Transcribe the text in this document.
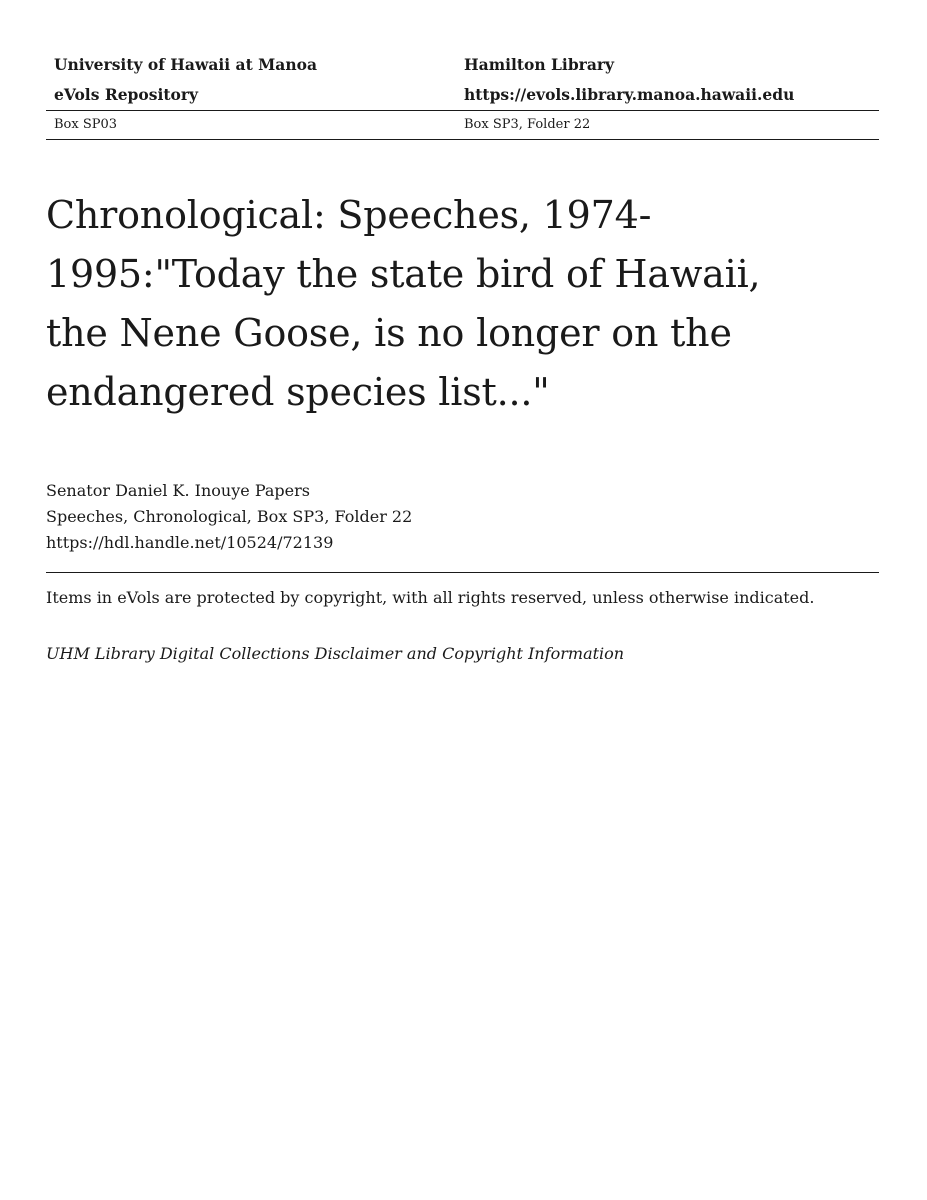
University of Hawaii at Manoa	Hamilton Library
eVols Repository	https://evols.library.manoa.hawaii.edu
Box SP03	Box SP3, Folder 22
Chronological: Speeches, 1974-1995:"Today the state bird of Hawaii, the Nene Goose, is no longer on the endangered species list..."
Senator Daniel K. Inouye Papers
Speeches, Chronological, Box SP3, Folder 22
https://hdl.handle.net/10524/72139
Items in eVols are protected by copyright, with all rights reserved, unless otherwise indicated.
UHM Library Digital Collections Disclaimer and Copyright Information
